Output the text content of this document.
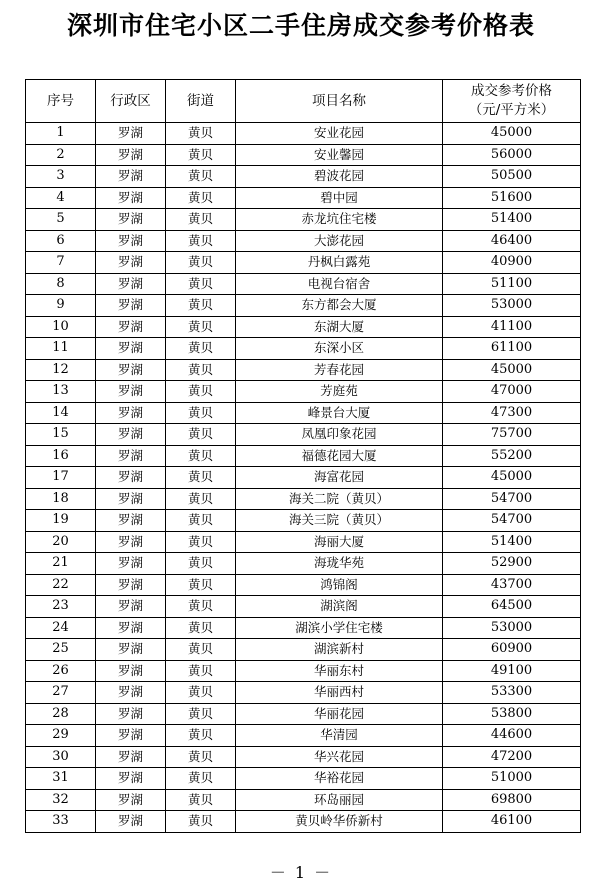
深圳市住宅小区二手住房成交参考价格表
序号	行政区	街道	项目名称	成交参考价格
（元/平方米）

1	罗湖	黄贝	安业花园	45000
2	罗湖	黄贝	安业馨园	56000
3	罗湖	黄贝	碧波花园	50500
4	罗湖	黄贝	碧中园	51600
5	罗湖	黄贝	赤龙坑住宅楼	51400
6	罗湖	黄贝	大澎花园	46400
7	罗湖	黄贝	丹枫白露苑	40900
8	罗湖	黄贝	电视台宿舍	51100
9	罗湖	黄贝	东方都会大厦	53000
10	罗湖	黄贝	东湖大厦	41100
11	罗湖	黄贝	东深小区	61100
12	罗湖	黄贝	芳春花园	45000
13	罗湖	黄贝	芳庭苑	47000
14	罗湖	黄贝	峰景台大厦	47300
15	罗湖	黄贝	凤凰印象花园	75700
16	罗湖	黄贝	福德花园大厦	55200
17	罗湖	黄贝	海富花园	45000
18	罗湖	黄贝	海关二院（黄贝）	54700
19	罗湖	黄贝	海关三院（黄贝）	54700
20	罗湖	黄贝	海丽大厦	51400
21	罗湖	黄贝	海珑华苑	52900
22	罗湖	黄贝	鸿锦阁	43700
23	罗湖	黄贝	湖滨阁	64500
24	罗湖	黄贝	湖滨小学住宅楼	53000
25	罗湖	黄贝	湖滨新村	60900
26	罗湖	黄贝	华丽东村	49100
27	罗湖	黄贝	华丽西村	53300
28	罗湖	黄贝	华丽花园	53800
29	罗湖	黄贝	华清园	44600
30	罗湖	黄贝	华兴花园	47200
31	罗湖	黄贝	华裕花园	51000
32	罗湖	黄贝	环岛丽园	69800
33	罗湖	黄贝	黄贝岭华侨新村	46100
－ 1 －
